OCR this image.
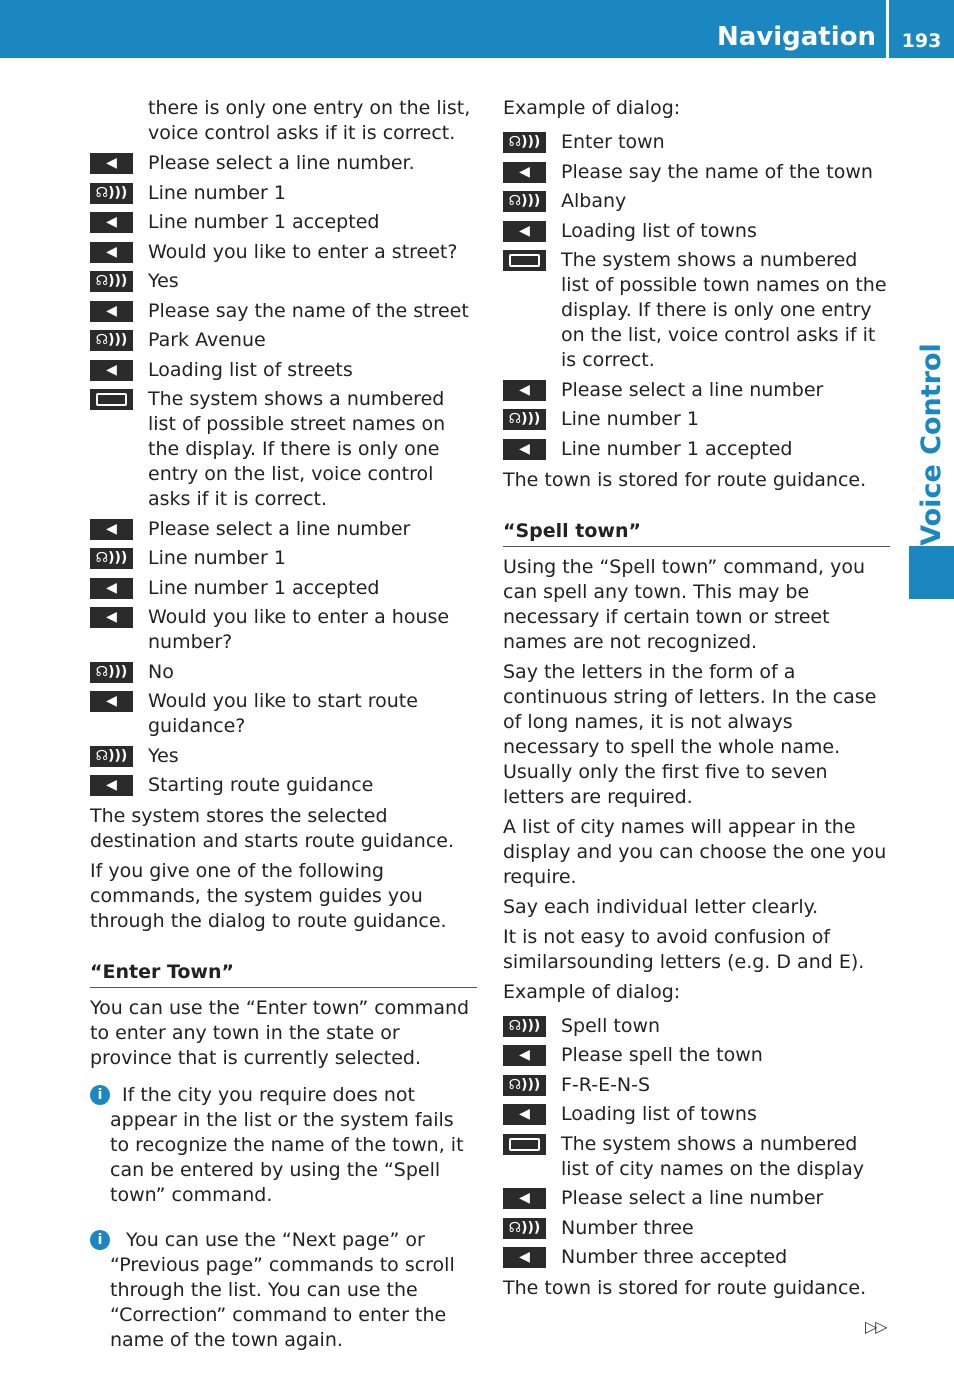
Navigation	193
Voice Control

there is only one entry on the list, voice control asks if it is correct.

◀	Please select a line number.
☊))) Line number 1
◀	Line number 1 accepted
◀	Would you like to enter a street?
☊))) Yes
◀	Please say the name of the street
☊))) Park Avenue
◀	Loading list of streets
The system shows a numbered list of possible street names on the display. If there is only one entry on the list, voice control asks if it is correct.
◀	Please select a line number
☊))) Line number 1
◀	Line number 1 accepted
◀	Would you like to enter a house number?
☊))) No
◀	Would you like to start route guidance?
☊))) Yes
◀	Starting route guidance

The system stores the selected destination and starts route guidance.

If you give one of the following commands, the system guides you through the dialog to route guidance.

“Enter Town”

You can use the “Enter town” command to enter any town in the state or province that is currently selected.

i	If the city you require does not appear in the list or the system fails to recognize the name of the town, it can be entered by using the “Spell town” command.

i	You can use the “Next page” or “Previous page” commands to scroll through the list. You can use the “Correction” command to enter the name of the town again.

Example of dialog:

☊))) Enter town
◀	Please say the name of the town
☊))) Albany
◀	Loading list of towns
The system shows a numbered list of possible town names on the display. If there is only one entry on the list, voice control asks if it is correct.
◀	Please select a line number
☊))) Line number 1
◀	Line number 1 accepted

The town is stored for route guidance.

“Spell town”

Using the “Spell town” command, you can spell any town. This may be necessary if certain town or street names are not recognized.

Say the letters in the form of a continuous string of letters. In the case of long names, it is not always necessary to spell the whole name. Usually only the first five to seven letters are required.

A list of city names will appear in the display and you can choose the one you require.

Say each individual letter clearly.

It is not easy to avoid confusion of similarsounding letters (e.g. D and E).

Example of dialog:

☊))) Spell town
◀	Please spell the town
☊))) F-R-E-N-S
◀	Loading list of towns
The system shows a numbered list of city names on the display
◀	Please select a line number
☊))) Number three
◀	Number three accepted

The town is stored for route guidance.

▷▷
